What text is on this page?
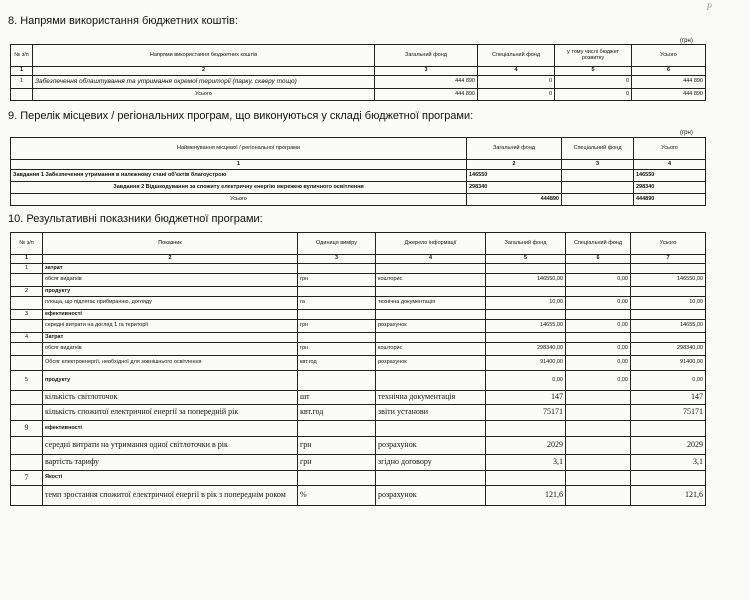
Р
8. Напрями використання бюджетних коштів:
(грн)
№ з/п	Напрями використання бюджетних коштів	Загальний фонд	Спеціальний фонд	у тому числі бюджет розвитку	Усього
1	2	3	4	5	6
1	Забезпечення облаштування та утримання окремої території (парку, скверу тощо)	444 890	0	0	444 890
	Усього	444 890	0	0	444 890
9. Перелік місцевих / регіональних програм, що виконуються у складі бюджетної програми:
(грн)
Найменування місцевої / регіональної програми	Загальний фонд	Спеціальний фонд	Усього
1	2	3	4
Завдання 1 Забезпечення утримання в належному стані об'єктів благоустрою	146550		146550
Завдання 2 Відшкодування за спожиту електричну енергію мережею вуличного освітлення	298340		298340
Усього	444890		444890
10. Результативні показники бюджетної програми:
№ з/п	Показник	Одиниця виміру	Джерело інформації	Загальний фонд	Спеціальний фонд	Усього
1	2	3	4	5	6	7
1	затрат					
	обсяг видатків	грн	кошторис	146550,00	0,00	146550,00
2	продукту					
	площа, що підлягає прибиранню, догляду	га	технічна документація	10,00	0,00	10,00
3	ефективності					
	середні витрати на догляд 1 га території	грн	розрахунок	14655,00	0,00	14655,00
4	Затрат					
	обсяг видатків	грн	кошторис	298340,00	0,00	298340,00
	Обсяг електроенергії, необхідної для зовнішнього освітлення	квт.год	розрахунок	91400,00	0,00	91400,00
5	продукту			0,00	0,00	0,00
	кількість світлоточок	шт	технічна документація	147		147
	кількість спожитої електричної енергії за попередній рік	квт.год	звіти установи	75171		75171
9	ефективності					
	середні витрати на утримання одної світлоточки в рік	грн	розрахунок	2029		2029
	вартість тарифу	грн	згідно договору	3,1		3,1
7	Якості					
	темп зростання спожитої електричної енергії в рік з попереднім роком	%	розрахунок	121,6		121,6
